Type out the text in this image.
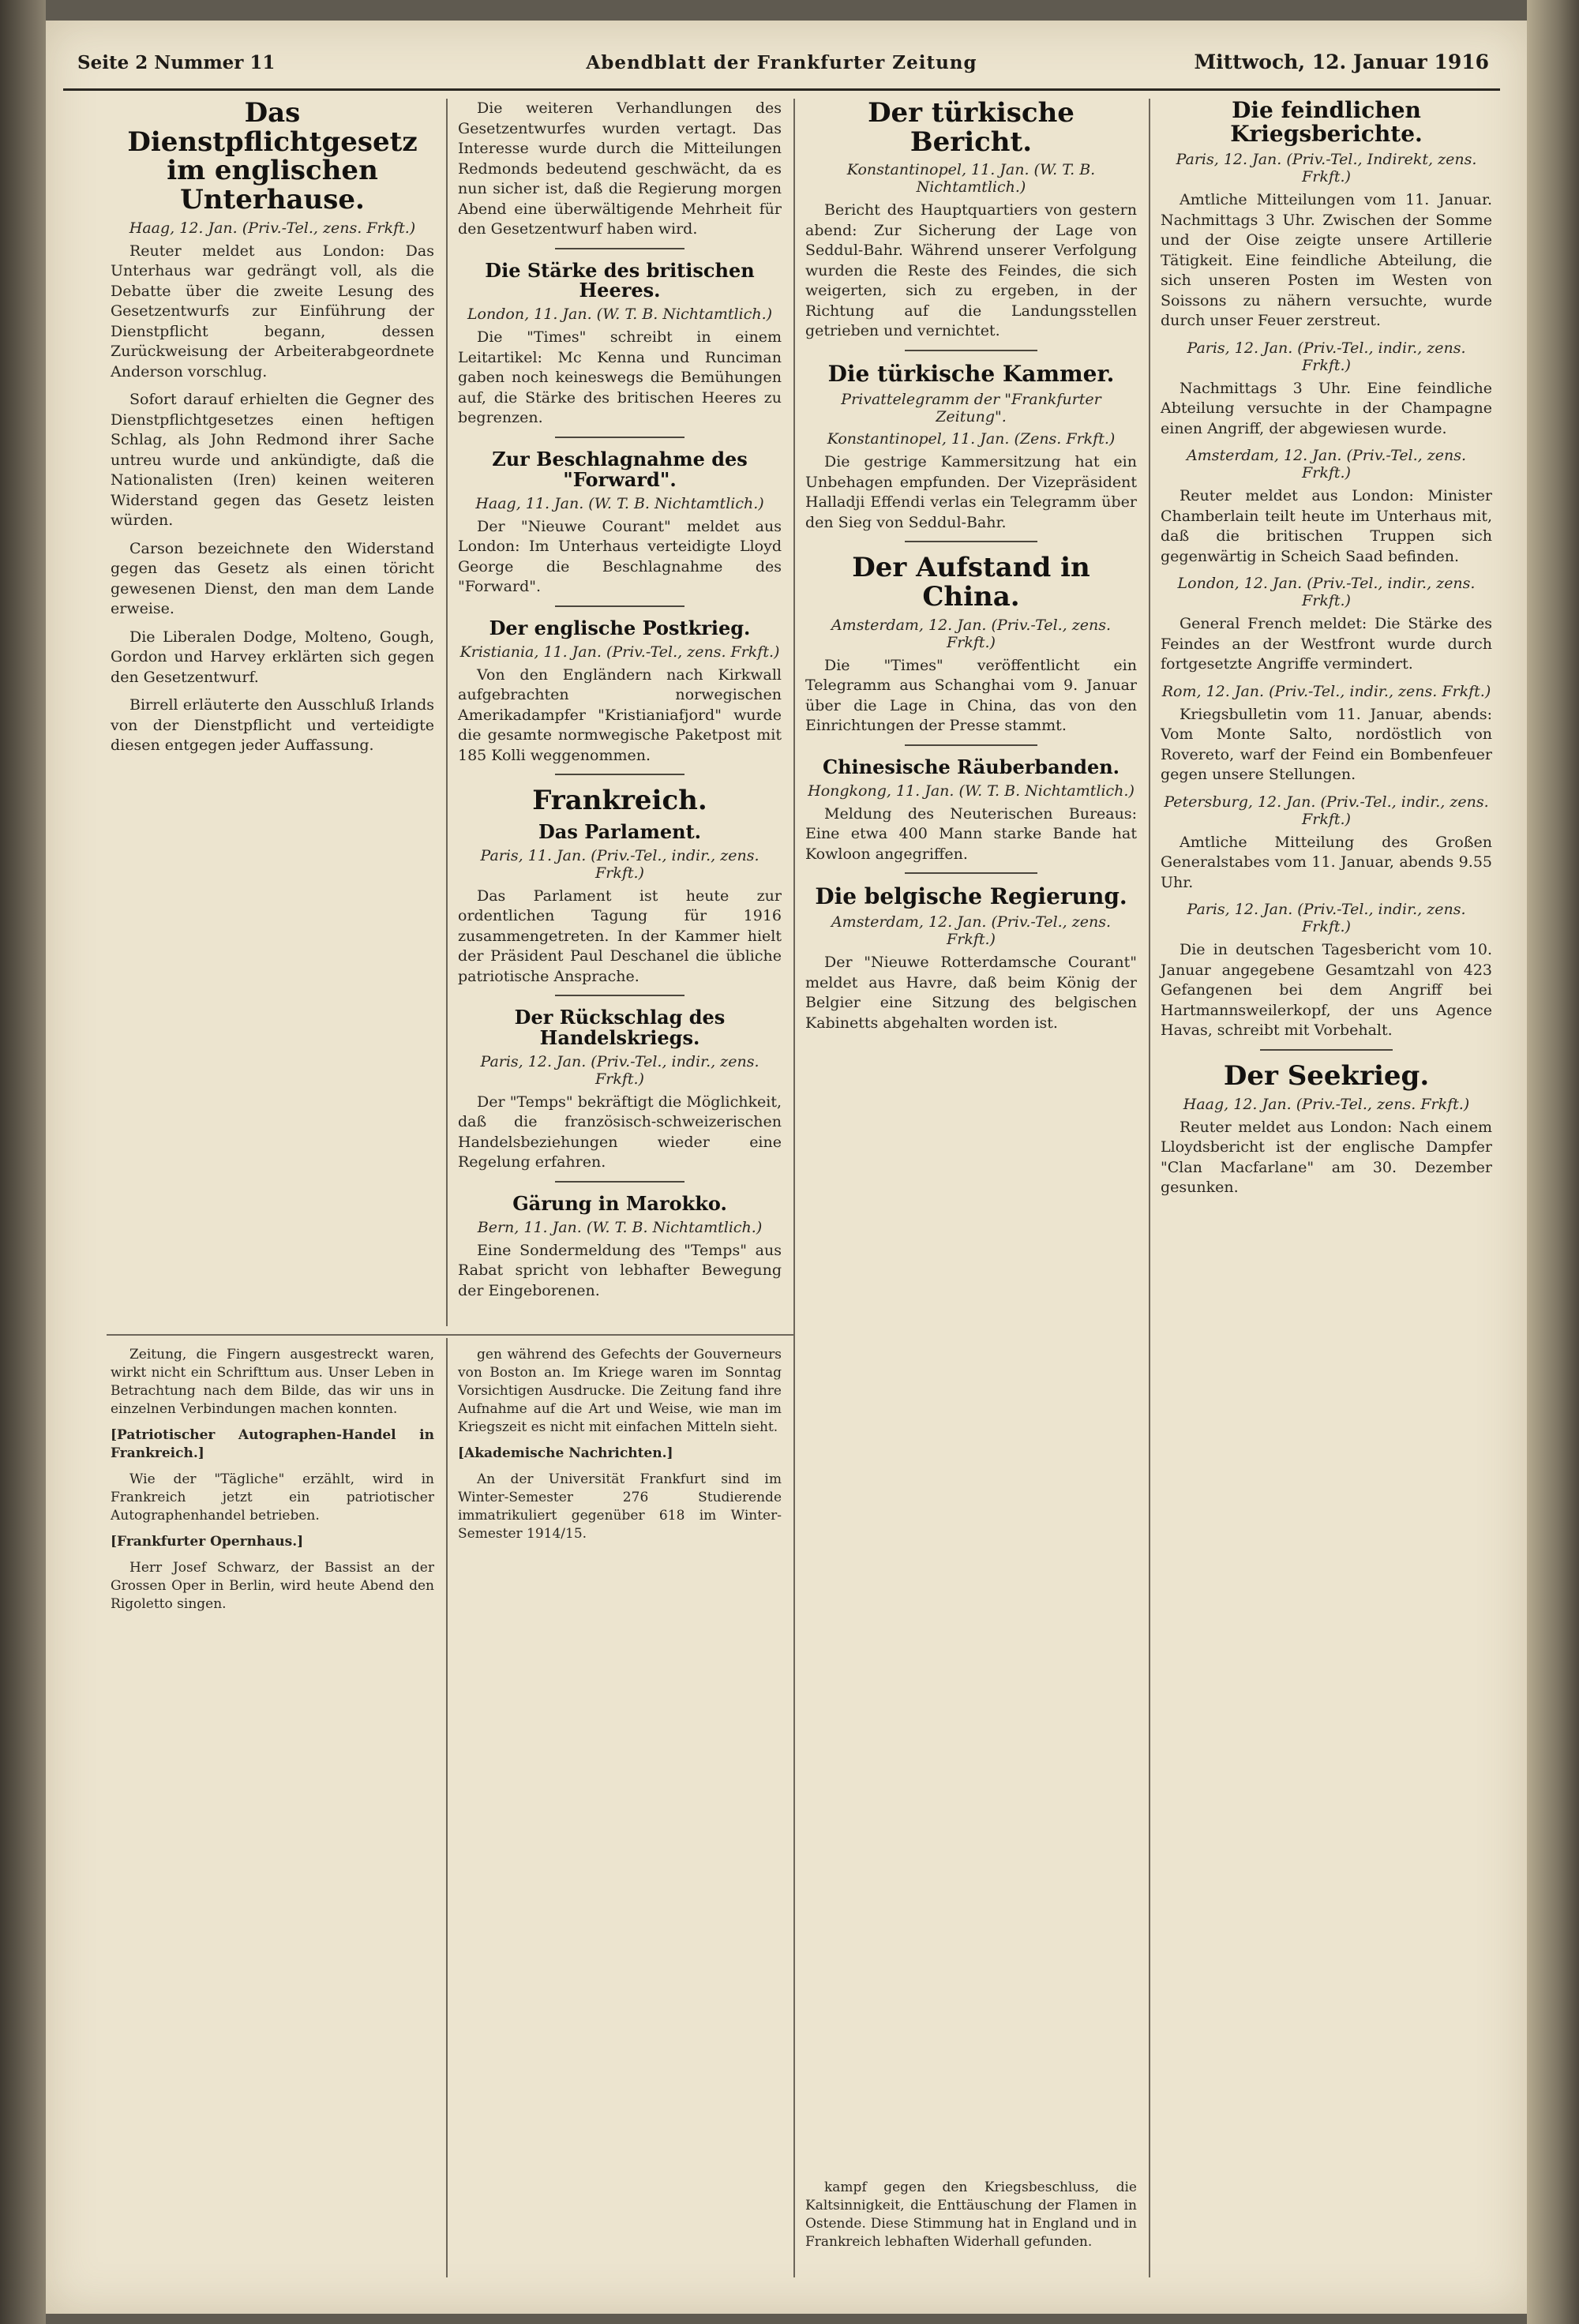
Seite 2 Nummer 11	Abendblatt der Frankfurter Zeitung	Mittwoch, 12. Januar 1916
Das Dienstpflichtgesetz im englischen Unterhause.
Haag, 12. Jan. (Priv.-Tel., zens. Frkft.)

Reuter meldet aus London: Das Unterhaus war gedrängt voll, als die Debatte über die zweite Lesung des Gesetzentwurfs zur Einführung der Dienstpflicht begann, dessen Zurückweisung der Arbeiterabgeordnete Anderson vorschlug.

Sofort darauf erhielten die Gegner des Dienstpflichtgesetzes einen heftigen Schlag, als John Redmond ihrer Sache untreu wurde und ankündigte, daß die Nationalisten (Iren) keinen weiteren Widerstand gegen das Gesetz leisten würden.

Carson bezeichnete den Widerstand gegen das Gesetz als einen töricht gewesenen Dienst, den man dem Lande erweise.

Die Liberalen Dodge, Molteno, Gough, Gordon und Harvey erklärten sich gegen den Gesetzentwurf.

Birrell erläuterte den Ausschluß Irlands von der Dienstpflicht und verteidigte diesen entgegen jeder Auffassung.

Die weiteren Verhandlungen des Gesetzentwurfes wurden vertagt. Das Interesse wurde durch die Mitteilungen Redmonds bedeutend geschwächt, da es nun sicher ist, daß die Regierung morgen Abend eine überwältigende Mehrheit für den Gesetzentwurf haben wird.

Die Stärke des britischen Heeres.
London, 11. Jan. (W. T. B. Nichtamtlich.)

Die "Times" schreibt in einem Leitartikel: Mc Kenna und Runciman gaben noch keineswegs die Bemühungen auf, die Stärke des britischen Heeres zu begrenzen.

Zur Beschlagnahme des "Forward".
Haag, 11. Jan. (W. T. B. Nichtamtlich.)

Der "Nieuwe Courant" meldet aus London: Im Unterhaus verteidigte Lloyd George die Beschlagnahme des "Forward".

Der englische Postkrieg.
Kristiania, 11. Jan. (Priv.-Tel., zens. Frkft.)

Von den Engländern nach Kirkwall aufgebrachten norwegischen Amerikadampfer "Kristianiafjord" wurde die gesamte normwegische Paketpost mit 185 Kolli weggenommen.

Frankreich.
Das Parlament.
Paris, 11. Jan. (Priv.-Tel., indir., zens. Frkft.)

Das Parlament ist heute zur ordentlichen Tagung für 1916 zusammengetreten. In der Kammer hielt der Präsident Paul Deschanel die übliche patriotische Ansprache.

Der Rückschlag des Handelskriegs.
Paris, 12. Jan. (Priv.-Tel., indir., zens. Frkft.)

Der "Temps" bekräftigt die Möglichkeit, daß die französisch-schweizerischen Handelsbeziehungen wieder eine Regelung erfahren.

Gärung in Marokko.
Bern, 11. Jan. (W. T. B. Nichtamtlich.)

Eine Sondermeldung des "Temps" aus Rabat spricht von lebhafter Bewegung der Eingeborenen.

Der türkische Bericht.
Konstantinopel, 11. Jan. (W. T. B. Nichtamtlich.)

Bericht des Hauptquartiers von gestern abend: Zur Sicherung der Lage von Seddul-Bahr. Während unserer Verfolgung wurden die Reste des Feindes, die sich weigerten, sich zu ergeben, in der Richtung auf die Landungsstellen getrieben und vernichtet.

Die türkische Kammer.
Privattelegramm der "Frankfurter Zeitung".
Konstantinopel, 11. Jan. (Zens. Frkft.)

Die gestrige Kammersitzung hat ein Unbehagen empfunden. Der Vizepräsident Halladji Effendi verlas ein Telegramm über den Sieg von Seddul-Bahr.

Der Aufstand in China.
Amsterdam, 12. Jan. (Priv.-Tel., zens. Frkft.)

Die "Times" veröffentlicht ein Telegramm aus Schanghai vom 9. Januar über die Lage in China, das von den Einrichtungen der Presse stammt.

Chinesische Räuberbanden.
Hongkong, 11. Jan. (W. T. B. Nichtamtlich.)

Meldung des Neuterischen Bureaus: Eine etwa 400 Mann starke Bande hat Kowloon angegriffen.

Die belgische Regierung.
Amsterdam, 12. Jan. (Priv.-Tel., zens. Frkft.)

Der "Nieuwe Rotterdamsche Courant" meldet aus Havre, daß beim König der Belgier eine Sitzung des belgischen Kabinetts abgehalten worden ist.

Die feindlichen Kriegsberichte.
Paris, 12. Jan. (Priv.-Tel., Indirekt, zens. Frkft.)

Amtliche Mitteilungen vom 11. Januar. Nachmittags 3 Uhr. Zwischen der Somme und der Oise zeigte unsere Artillerie Tätigkeit. Eine feindliche Abteilung, die sich unseren Posten im Westen von Soissons zu nähern versuchte, wurde durch unser Feuer zerstreut.

Paris, 12. Jan. (Priv.-Tel., indir., zens. Frkft.)

Nachmittags 3 Uhr. Eine feindliche Abteilung versuchte in der Champagne einen Angriff, der abgewiesen wurde.

Amsterdam, 12. Jan. (Priv.-Tel., zens. Frkft.)

Reuter meldet aus London: Minister Chamberlain teilt heute im Unterhaus mit, daß die britischen Truppen sich gegenwärtig in Scheich Saad befinden.

London, 12. Jan. (Priv.-Tel., indir., zens. Frkft.)

General French meldet: Die Stärke des Feindes an der Westfront wurde durch fortgesetzte Angriffe vermindert.

Rom, 12. Jan. (Priv.-Tel., indir., zens. Frkft.)

Kriegsbulletin vom 11. Januar, abends: Vom Monte Salto, nordöstlich von Rovereto, warf der Feind ein Bombenfeuer gegen unsere Stellungen.

Petersburg, 12. Jan. (Priv.-Tel., indir., zens. Frkft.)

Amtliche Mitteilung des Großen Generalstabes vom 11. Januar, abends 9.55 Uhr.

Paris, 12. Jan. (Priv.-Tel., indir., zens. Frkft.)

Die in deutschen Tagesbericht vom 10. Januar angegebene Gesamtzahl von 423 Gefangenen bei dem Angriff bei Hartmannsweilerkopf, der uns Agence Havas, schreibt mit Vorbehalt.

Der Seekrieg.
Haag, 12. Jan. (Priv.-Tel., zens. Frkft.)

Reuter meldet aus London: Nach einem Lloydsbericht ist der englische Dampfer "Clan Macfarlane" am 30. Dezember gesunken.

Zeitung, die Fingern ausgestreckt waren, wirkt nicht ein Schrifttum aus. Unser Leben in Betrachtung nach dem Bilde, das wir uns in einzelnen Verbindungen machen konnten.

[Patriotischer Autographen-Handel in Frankreich.]

Wie der "Tägliche" erzählt, wird in Frankreich jetzt ein patriotischer Autographenhandel betrieben.

[Frankfurter Opernhaus.]

Herr Josef Schwarz, der Bassist an der Grossen Oper in Berlin, wird heute Abend den Rigoletto singen.

gen während des Gefechts der Gouverneurs von Boston an. Im Kriege waren im Sonntag Vorsichtigen Ausdrucke. Die Zeitung fand ihre Aufnahme auf die Art und Weise, wie man im Kriegszeit es nicht mit einfachen Mitteln sieht.

[Akademische Nachrichten.]

An der Universität Frankfurt sind im Winter-Semester 276 Studierende immatrikuliert gegenüber 618 im Winter-Semester 1914/15.

kampf gegen den Kriegsbeschluss, die Kaltsinnigkeit, die Enttäuschung der Flamen in Ostende. Diese Stimmung hat in England und in Frankreich lebhaften Widerhall gefunden.
